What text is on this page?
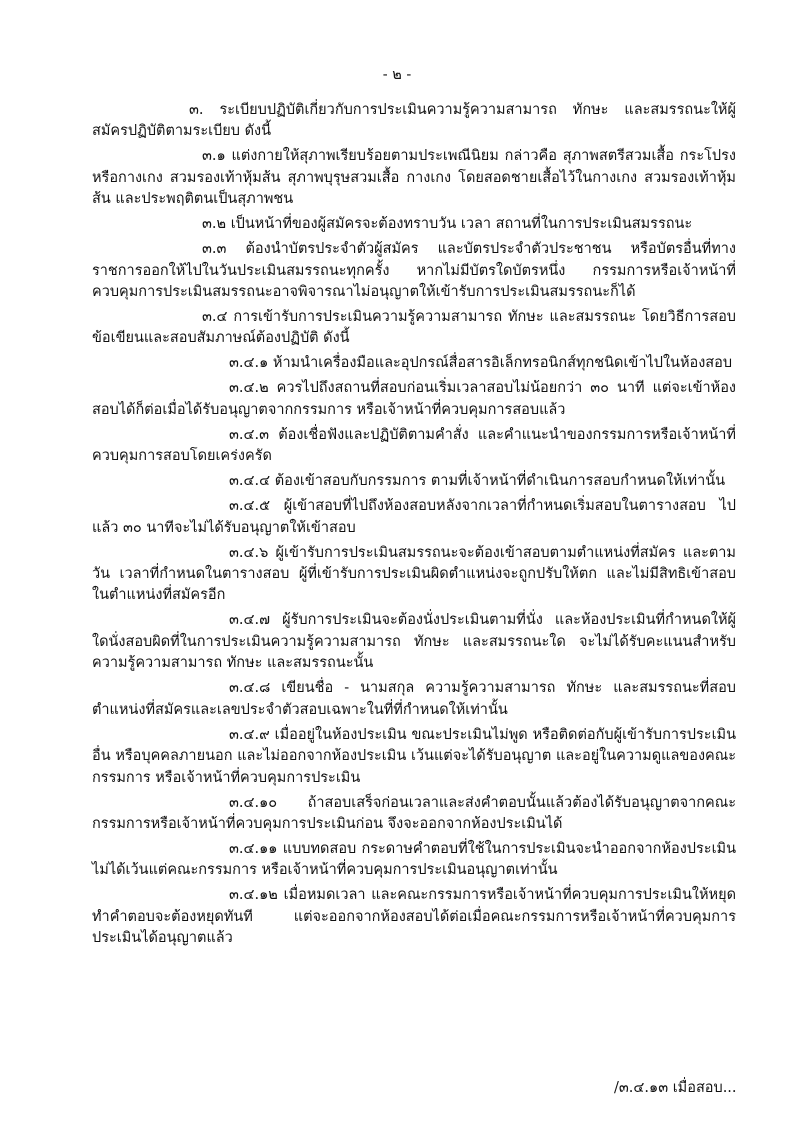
- ๒ -

๓. ระเบียบปฏิบัติเกี่ยวกับการประเมินความรู้ความสามารถ ทักษะ และสมรรถนะให้ผู้สมัครปฏิบัติตามระเบียบ ดังนี้

๓.๑ แต่งกายให้สุภาพเรียบร้อยตามประเพณีนิยม กล่าวคือ สุภาพสตรีสวมเสื้อ กระโปรง หรือกางเกง สวมรองเท้าหุ้มส้น สุภาพบุรุษสวมเสื้อ กางเกง โดยสอดชายเสื้อไว้ในกางเกง สวมรองเท้าหุ้มส้น และประพฤติตนเป็นสุภาพชน

๓.๒ เป็นหน้าที่ของผู้สมัครจะต้องทราบวัน เวลา สถานที่ในการประเมินสมรรถนะ

๓.๓ ต้องนำบัตรประจำตัวผู้สมัคร และบัตรประจำตัวประชาชน หรือบัตรอื่นที่ทางราชการออกให้ไปในวันประเมินสมรรถนะทุกครั้ง หากไม่มีบัตรใดบัตรหนึ่ง กรรมการหรือเจ้าหน้าที่ควบคุมการประเมินสมรรถนะอาจพิจารณาไม่อนุญาตให้เข้ารับการประเมินสมรรถนะก็ได้

๓.๔ การเข้ารับการประเมินความรู้ความสามารถ ทักษะ และสมรรถนะ โดยวิธีการสอบข้อเขียนและสอบสัมภาษณ์ต้องปฏิบัติ ดังนี้

๓.๔.๑ ห้ามนำเครื่องมือและอุปกรณ์สื่อสารอิเล็กทรอนิกส์ทุกชนิดเข้าไปในห้องสอบ

๓.๔.๒ ควรไปถึงสถานที่สอบก่อนเริ่มเวลาสอบไม่น้อยกว่า ๓๐ นาที แต่จะเข้าห้องสอบได้ก็ต่อเมื่อได้รับอนุญาตจากกรรมการ หรือเจ้าหน้าที่ควบคุมการสอบแล้ว

๓.๔.๓ ต้องเชื่อฟังและปฏิบัติตามคำสั่ง และคำแนะนำของกรรมการหรือเจ้าหน้าที่ควบคุมการสอบโดยเคร่งครัด

๓.๔.๔ ต้องเข้าสอบกับกรรมการ ตามที่เจ้าหน้าที่ดำเนินการสอบกำหนดให้เท่านั้น

๓.๔.๕ ผู้เข้าสอบที่ไปถึงห้องสอบหลังจากเวลาที่กำหนดเริ่มสอบในตารางสอบ ไปแล้ว ๓๐ นาทีจะไม่ได้รับอนุญาตให้เข้าสอบ

๓.๔.๖ ผู้เข้ารับการประเมินสมรรถนะจะต้องเข้าสอบตามตำแหน่งที่สมัคร และตามวัน เวลาที่กำหนดในตารางสอบ ผู้ที่เข้ารับการประเมินผิดตำแหน่งจะถูกปรับให้ตก และไม่มีสิทธิเข้าสอบในตำแหน่งที่สมัครอีก

๓.๔.๗ ผู้รับการประเมินจะต้องนั่งประเมินตามที่นั่ง และห้องประเมินที่กำหนดให้ผู้ใดนั่งสอบผิดที่ในการประเมินความรู้ความสามารถ ทักษะ และสมรรถนะใด จะไม่ได้รับคะแนนสำหรับความรู้ความสามารถ ทักษะ และสมรรถนะนั้น

๓.๔.๘ เขียนชื่อ - นามสกุล ความรู้ความสามารถ ทักษะ และสมรรถนะที่สอบ ตำแหน่งที่สมัครและเลขประจำตัวสอบเฉพาะในที่ที่กำหนดให้เท่านั้น

๓.๔.๙ เมื่ออยู่ในห้องประเมิน ขณะประเมินไม่พูด หรือติดต่อกับผู้เข้ารับการประเมินอื่น หรือบุคคลภายนอก และไม่ออกจากห้องประเมิน เว้นแต่จะได้รับอนุญาต และอยู่ในความดูแลของคณะกรรมการ หรือเจ้าหน้าที่ควบคุมการประเมิน

๓.๔.๑๐ ถ้าสอบเสร็จก่อนเวลาและส่งคำตอบนั้นแล้วต้องได้รับอนุญาตจากคณะกรรมการหรือเจ้าหน้าที่ควบคุมการประเมินก่อน จึงจะออกจากห้องประเมินได้

๓.๔.๑๑ แบบทดสอบ กระดาษคำตอบที่ใช้ในการประเมินจะนำออกจากห้องประเมินไม่ได้เว้นแต่คณะกรรมการ หรือเจ้าหน้าที่ควบคุมการประเมินอนุญาตเท่านั้น

๓.๔.๑๒ เมื่อหมดเวลา และคณะกรรมการหรือเจ้าหน้าที่ควบคุมการประเมินให้หยุดทำคำตอบจะต้องหยุดทันที แต่จะออกจากห้องสอบได้ต่อเมื่อคณะกรรมการหรือเจ้าหน้าที่ควบคุมการประเมินได้อนุญาตแล้ว

/๓.๔.๑๓ เมื่อสอบ...
